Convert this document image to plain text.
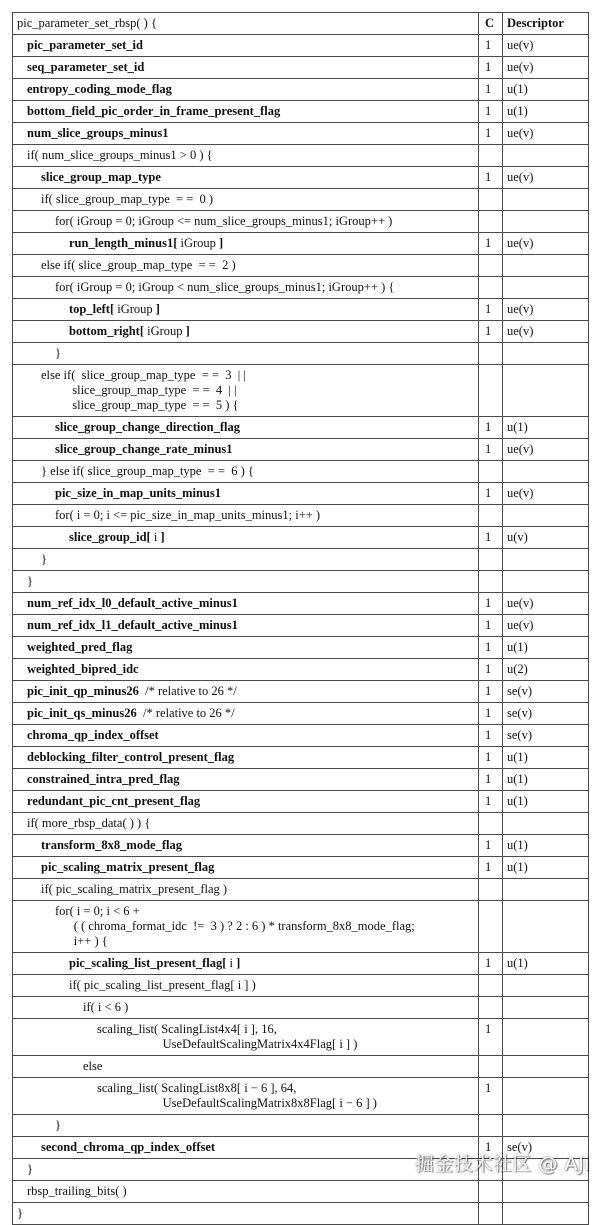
pic_parameter_set_rbsp( ) {	C	Descriptor
pic_parameter_set_id	1	ue(v)
seq_parameter_set_id	1	ue(v)
entropy_coding_mode_flag	1	u(1)
bottom_field_pic_order_in_frame_present_flag	1	u(1)
num_slice_groups_minus1	1	ue(v)
if( num_slice_groups_minus1 > 0 ) {		
slice_group_map_type	1	ue(v)
if( slice_group_map_type  = =  0 )		
for( iGroup = 0; iGroup <= num_slice_groups_minus1; iGroup++ )		
run_length_minus1[ iGroup ]	1	ue(v)
else if( slice_group_map_type  = =  2 )		
for( iGroup = 0; iGroup < num_slice_groups_minus1; iGroup++ ) {		
top_left[ iGroup ]	1	ue(v)
bottom_right[ iGroup ]	1	ue(v)
}		
else if(  slice_group_map_type  = =  3  | |
slice_group_map_type  = =  4  | |
slice_group_map_type  = =  5 ) {		
slice_group_change_direction_flag	1	u(1)
slice_group_change_rate_minus1	1	ue(v)
} else if( slice_group_map_type  = =  6 ) {		
pic_size_in_map_units_minus1	1	ue(v)
for( i = 0; i <= pic_size_in_map_units_minus1; i++ )		
slice_group_id[ i ]	1	u(v)
}		
}		
num_ref_idx_l0_default_active_minus1	1	ue(v)
num_ref_idx_l1_default_active_minus1	1	ue(v)
weighted_pred_flag	1	u(1)
weighted_bipred_idc	1	u(2)
pic_init_qp_minus26  /* relative to 26 */	1	se(v)
pic_init_qs_minus26  /* relative to 26 */	1	se(v)
chroma_qp_index_offset	1	se(v)
deblocking_filter_control_present_flag	1	u(1)
constrained_intra_pred_flag	1	u(1)
redundant_pic_cnt_present_flag	1	u(1)
if( more_rbsp_data( ) ) {		
transform_8x8_mode_flag	1	u(1)
pic_scaling_matrix_present_flag	1	u(1)
if( pic_scaling_matrix_present_flag )		
for( i = 0; i < 6 +
( ( chroma_format_idc  !=  3 ) ? 2 : 6 ) * transform_8x8_mode_flag;
i++ ) {		
pic_scaling_list_present_flag[ i ]	1	u(1)
if( pic_scaling_list_present_flag[ i ] )		
if( i < 6 )		
scaling_list( ScalingList4x4[ i ], 16,
UseDefaultScalingMatrix4x4Flag[ i ] )	1	
else		
scaling_list( ScalingList8x8[ i − 6 ], 64,
UseDefaultScalingMatrix8x8Flag[ i − 6 ] )	1	
}		
second_chroma_qp_index_offset	1	se(v)
}		
rbsp_trailing_bits( )		
}		
掘金技术社区 @ AJi
